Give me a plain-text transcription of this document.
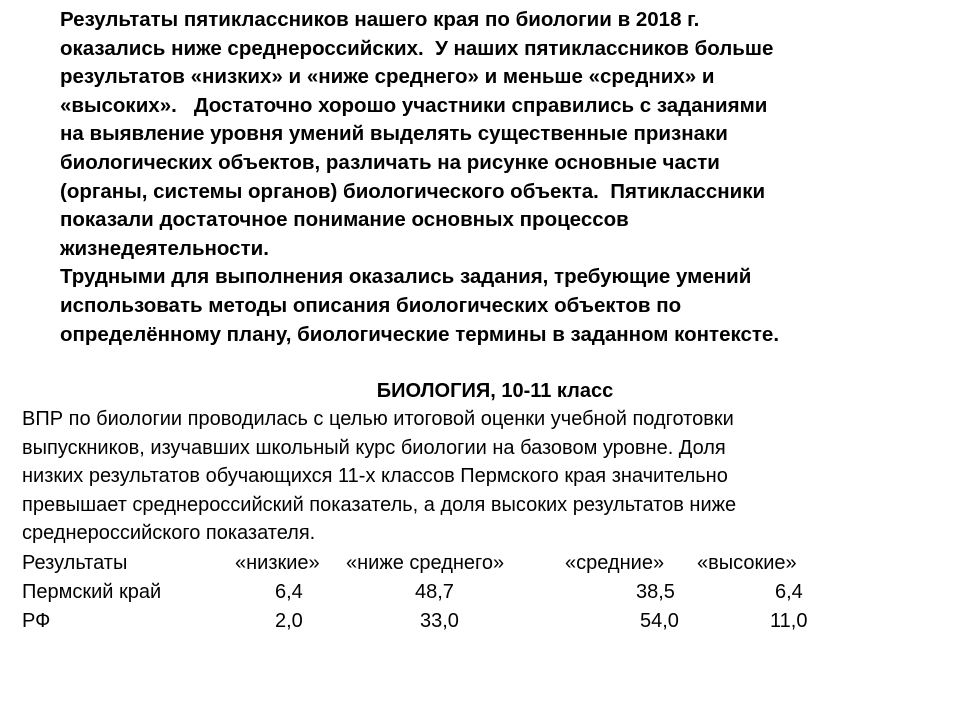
Результаты пятиклассников нашего края по биологии в 2018 г.

оказались ниже среднероссийских.  У наших пятиклассников больше

результатов «низких» и «ниже среднего» и меньше «средних» и

«высоких».   Достаточно хорошо участники справились с заданиями

на выявление уровня умений выделять существенные признаки

биологических объектов, различать на рисунке основные части

(органы, системы органов) биологического объекта.  Пятиклассники

показали достаточное понимание основных процессов

жизнедеятельности.

Трудными для выполнения оказались задания, требующие умений

использовать методы описания биологических объектов по

определённому плану, биологические термины в заданном контексте.

БИОЛОГИЯ, 10-11 класс

ВПР по биологии проводилась с целью итоговой оценки учебной подготовки

выпускников, изучавших школьный курс биологии на базовом уровне. Доля

низких результатов обучающихся 11-х классов Пермского края значительно

превышает среднероссийский показатель, а доля высоких результатов ниже

среднероссийского показателя.

Результаты	«низкие» «ниже среднего»	«средние» «высокие»
Пермский край	6,4	48,7	38,5	6,4
РФ	2,0	33,0	54,0	11,0
